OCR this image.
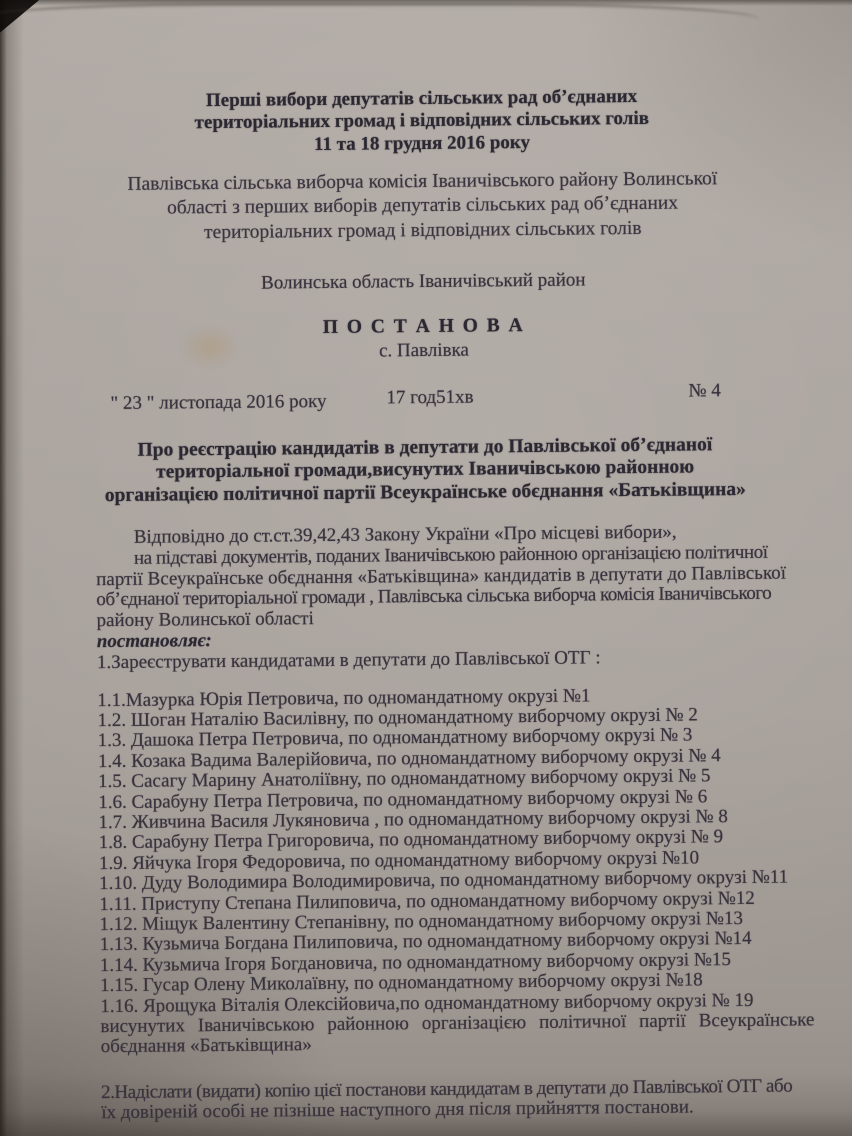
Перші вибори депутатів сільських рад об’єднаних
територіальних громад і відповідних сільських голів
11 та 18 грудня 2016 року
Павлівська сільська виборча комісія Іваничівського району Волинської
області з перших виборів депутатів сільських рад об’єднаних
територіальних громад і відповідних сільських голів
Волинська область Іваничівський район
П О С Т А Н О В А
с. Павлівка
" 23 " листопада 2016 року	17 год51хв	№ 4
Про реєстрацію кандидатів в депутати до Павлівської об’єднаної
територіальної громади,висунутих Іваничівською районною
організацією політичної партії Всеукраїнське обєднання «Батьківщина»
Відповідно до ст.ст.39,42,43 Закону України «Про місцеві вибори»,
на підставі документів, поданих Іваничівською районною організацією політичної
партії Всеукраїнське обєднання «Батьківщина» кандидатів в депутати до Павлівської
об’єднаної територіальної громади , Павлівська сільська виборча комісія Іваничівського
району Волинської області
постановляє:
1.Зареєструвати кандидатами в депутати до Павлівської ОТГ :
1.1.Мазурка Юрія Петровича, по одномандатному окрузі №1
1.2. Шоган Наталію Василівну, по одномандатному виборчому окрузі № 2
1.3. Дашока Петра Петровича, по одномандатному виборчому окрузі № 3
1.4. Козака Вадима Валерійовича, по одномандатному виборчому окрузі № 4
1.5. Сасагу Марину Анатоліївну, по одномандатному виборчому окрузі № 5
1.6. Сарабуну Петра Петровича, по одномандатному виборчому окрузі № 6
1.7. Живчина Василя Лукяновича , по одномандатному виборчому окрузі № 8
1.8. Сарабуну Петра Григоровича, по одномандатному виборчому окрузі № 9
1.9. Яйчука Ігоря Федоровича, по одномандатному виборчому окрузі №10
1.10. Дуду Володимира Володимировича, по одномандатному виборчому окрузі №11
1.11. Приступу Степана Пилиповича, по одномандатному виборчому окрузі №12
1.12. Міщук Валентину Степанівну, по одномандатному виборчому окрузі №13
1.13. Кузьмича Богдана Пилиповича, по одномандатному виборчому окрузі №14
1.14. Кузьмича Ігоря Богдановича, по одномандатному виборчому окрузі №15
1.15. Гусар Олену Миколаївну, по одномандатному виборчому окрузі №18
1.16. Ярощука Віталія Олексійовича,по одномандатному виборчому окрузі № 19
висунутих Іваничівською районною організацією політичної партії Всеукраїнське
обєднання «Батьківщина»
2.Надіслати (видати) копію цієї постанови кандидатам в депутати до Павлівської ОТГ або
їх довіреній особі не пізніше наступного дня після прийняття постанови.
